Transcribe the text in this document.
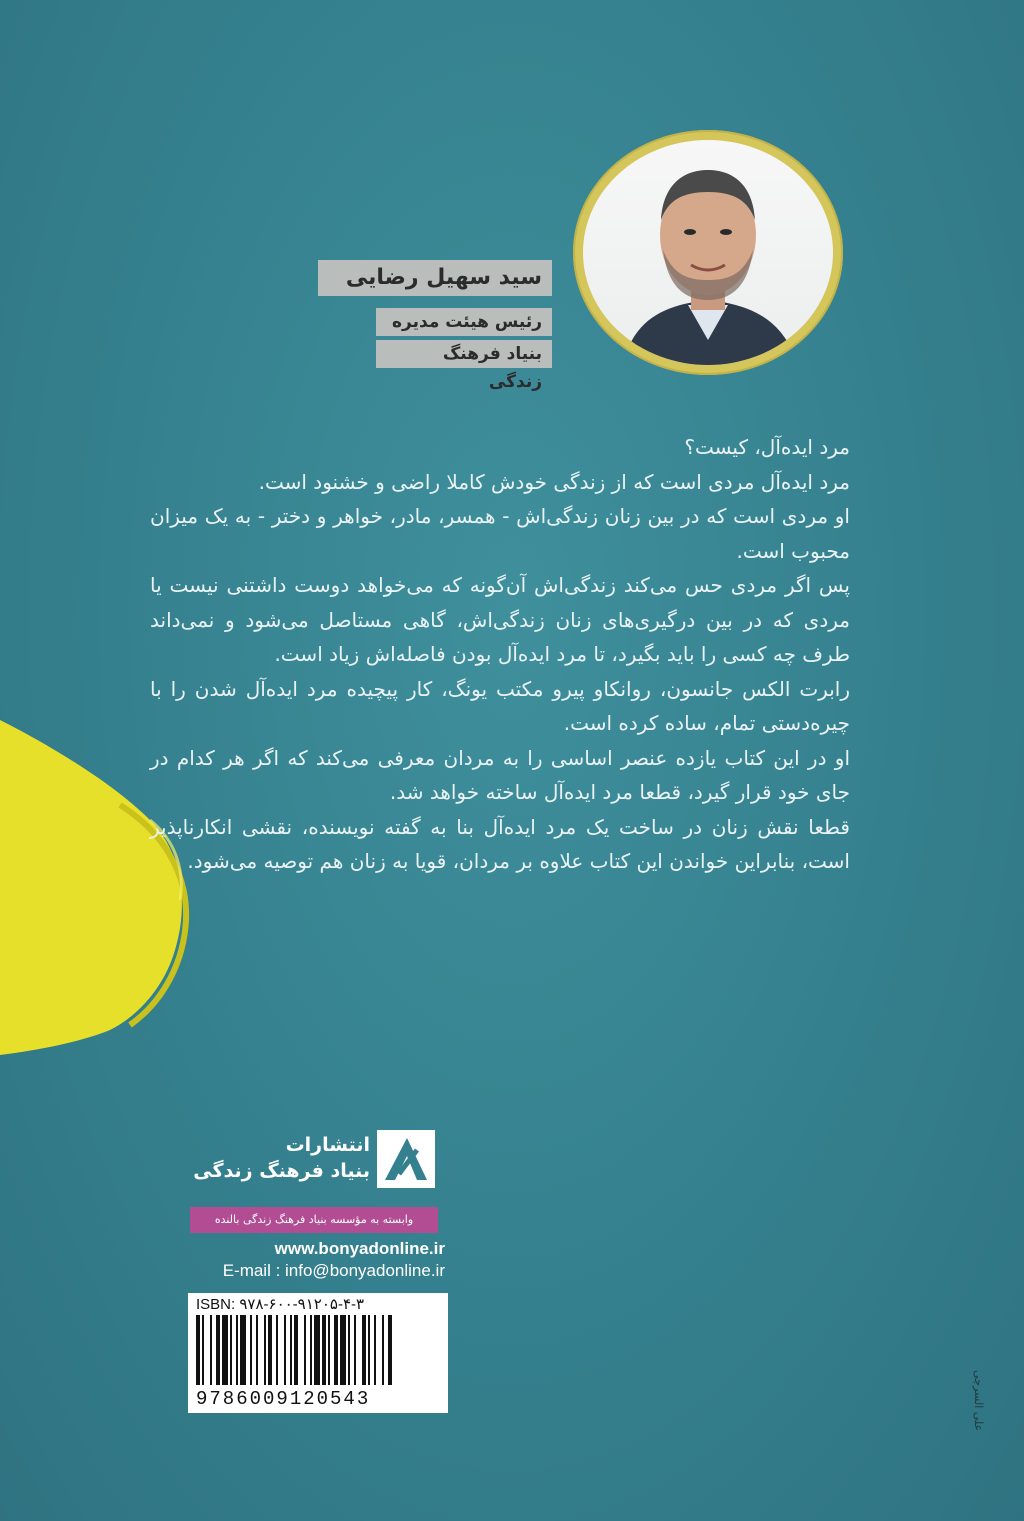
سید سهیل رضایی
رئیس هیئت مدیره
بنیاد فرهنگ زندگی

مرد ایده‌آل، کیست؟

مرد ایده‌آل مردی است که از زندگی خودش کاملا راضی و خشنود است.

او مردی است که در بین زنان زندگی‌اش - همسر، مادر، خواهر و دختر - به یک میزان محبوب است.

پس اگر مردی حس می‌کند زندگی‌اش آن‌گونه که می‌خواهد دوست داشتنی نیست یا مردی که در بین درگیری‌های زنان زندگی‌اش، گاهی مستاصل می‌شود و نمی‌داند طرف چه کسی را باید بگیرد، تا مرد ایده‌آل بودن فاصله‌اش زیاد است.

رابرت الکس جانسون، روانکاو پیرو مکتب یونگ، کار پیچیده مرد ایده‌آل شدن را با چیره‌دستی تمام، ساده کرده است.

او در این کتاب یازده عنصر اساسی را به مردان معرفی می‌کند که اگر هر کدام در جای خود قرار گیرد، قطعا مرد ایده‌آل ساخته خواهد شد.

قطعا نقش زنان در ساخت یک مرد ایده‌آل بنا به گفته نویسنده، نقشی انکارناپذیر است، بنابراین خواندن این کتاب علاوه بر مردان، قویا به زنان هم توصیه می‌شود.

انتشارات
بنیاد فرهنگ زندگی
وابسته به مؤسسه بنیاد فرهنگ زندگی بالنده
www.bonyadonline.ir
E-mail : info@bonyadonline.ir
ISBN: ۹۷۸-۶۰۰-۹۱۲۰۵-۴-۳
9786009120543	علی السرچی
